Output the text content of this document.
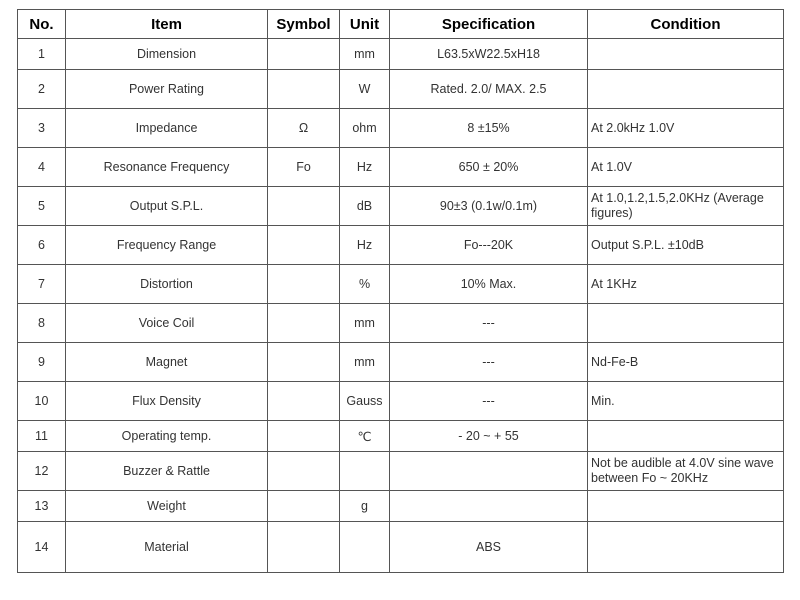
No.	Item	Symbol	Unit	Specification	Condition
1	Dimension		mm	L63.5xW22.5xH18	
2	Power Rating		W	Rated. 2.0/ MAX. 2.5	
3	Impedance	Ω	ohm	8 ±15%	At 2.0kHz 1.0V
4	Resonance Frequency	Fo	Hz	650 ± 20%	At 1.0V
5	Output S.P.L.		dB	90±3 (0.1w/0.1m)	At 1.0,1.2,1.5,2.0KHz (Average figures)
6	Frequency Range		Hz	Fo---20K	Output S.P.L. ±10dB
7	Distortion		%	10% Max.	At 1KHz
8	Voice Coil		mm	---	
9	Magnet		mm	---	Nd-Fe-B
10	Flux Density		Gauss	---	Min.
11	Operating temp.		℃	- 20 ~ + 55	
12	Buzzer & Rattle				Not be audible at 4.0V sine wave between Fo ~ 20KHz
13	Weight		g		
14	Material			ABS	
